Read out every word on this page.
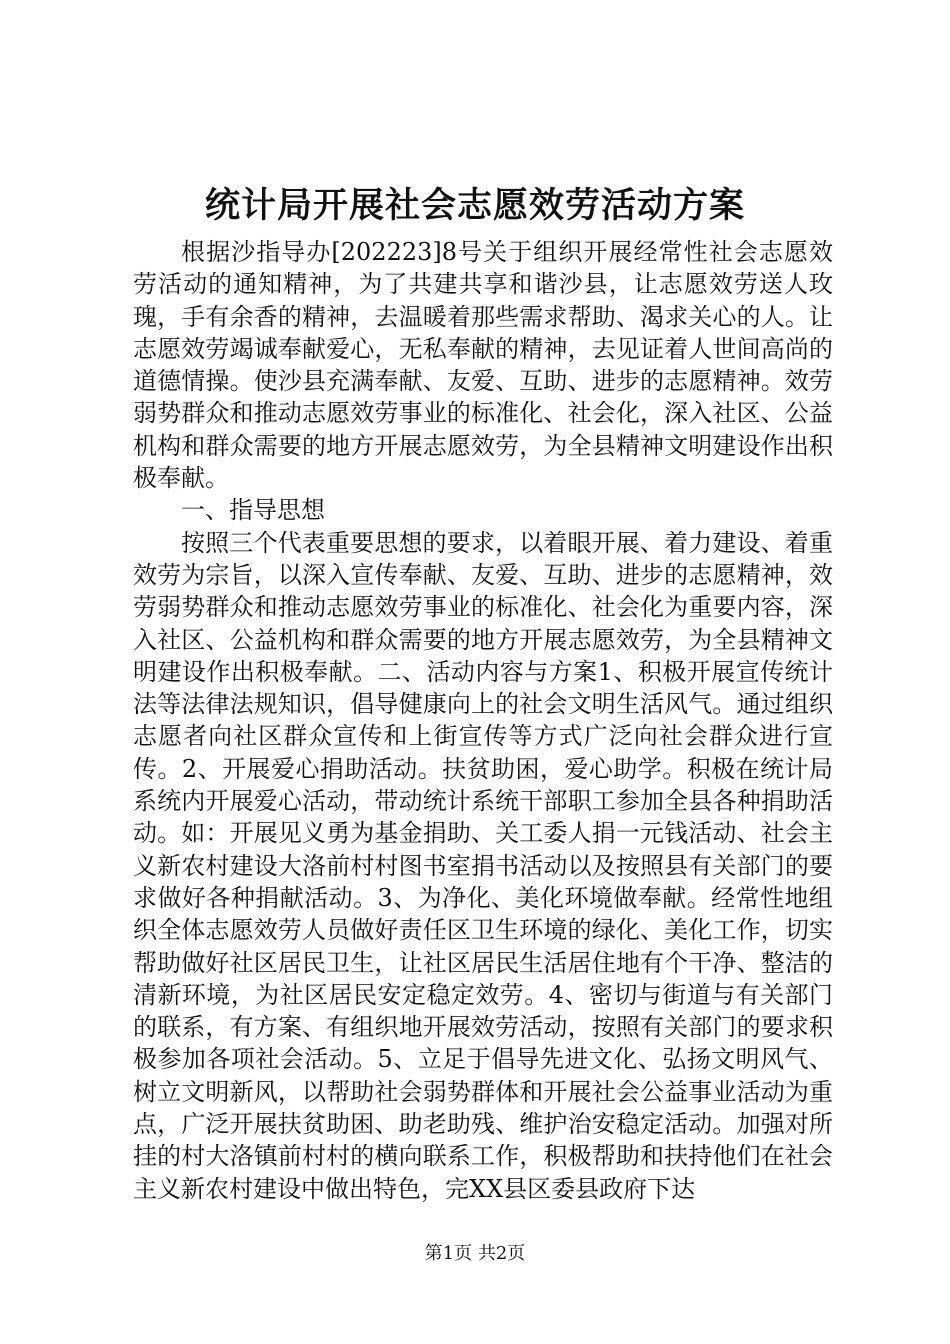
统计局开展社会志愿效劳活动方案

根据沙指导办[202223]8号关于组织开展经常性社会志愿效劳活动的通知精神，为了共建共享和谐沙县，让志愿效劳送人玫瑰，手有余香的精神，去温暖着那些需求帮助、渴求关心的人。让志愿效劳竭诚奉献爱心，无私奉献的精神，去见证着人世间高尚的道德情操。使沙县充满奉献、友爱、互助、进步的志愿精神。效劳弱势群众和推动志愿效劳事业的标准化、社会化，深入社区、公益机构和群众需要的地方开展志愿效劳，为全县精神文明建设作出积极奉献。

一、指导思想

按照三个代表重要思想的要求，以着眼开展、着力建设、着重效劳为宗旨，以深入宣传奉献、友爱、互助、进步的志愿精神，效劳弱势群众和推动志愿效劳事业的标准化、社会化为重要内容，深入社区、公益机构和群众需要的地方开展志愿效劳，为全县精神文明建设作出积极奉献。二、活动内容与方案1、积极开展宣传统计法等法律法规知识，倡导健康向上的社会文明生活风气。通过组织志愿者向社区群众宣传和上街宣传等方式广泛向社会群众进行宣传。2、开展爱心捐助活动。扶贫助困，爱心助学。积极在统计局系统内开展爱心活动，带动统计系统干部职工参加全县各种捐助活动。如：开展见义勇为基金捐助、关工委人捐一元钱活动、社会主义新农村建设大洛前村村图书室捐书活动以及按照县有关部门的要求做好各种捐献活动。3、为净化、美化环境做奉献。经常性地组织全体志愿效劳人员做好责任区卫生环境的绿化、美化工作，切实帮助做好社区居民卫生，让社区居民生活居住地有个干净、整洁的清新环境，为社区居民安定稳定效劳。4、密切与街道与有关部门的联系，有方案、有组织地开展效劳活动，按照有关部门的要求积极参加各项社会活动。5、立足于倡导先进文化、弘扬文明风气、树立文明新风，以帮助社会弱势群体和开展社会公益事业活动为重点，广泛开展扶贫助困、助老助残、维护治安稳定活动。加强对所挂的村大洛镇前村村的横向联系工作，积极帮助和扶持他们在社会主义新农村建设中做出特色，完XX县区委县政府下达

第1页 共2页
